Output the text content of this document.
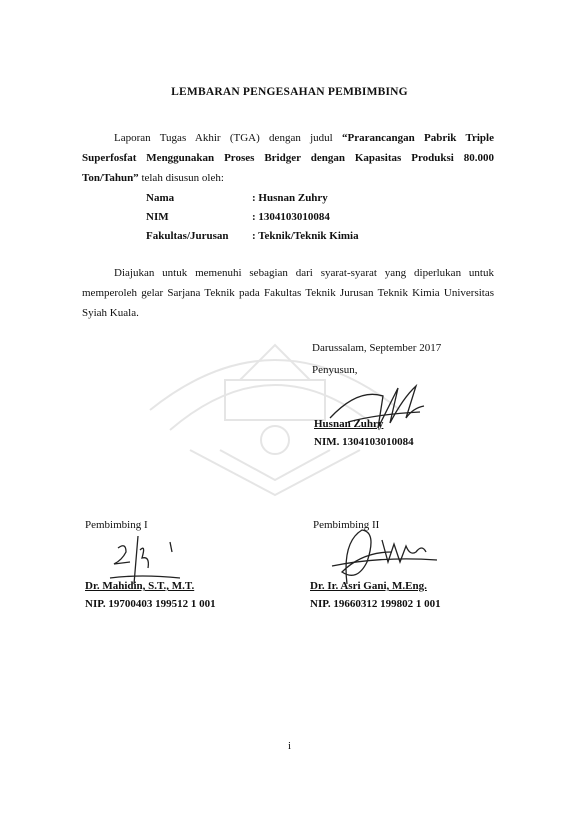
LEMBARAN PENGESAHAN PEMBIMBING
Laporan Tugas Akhir (TGA) dengan judul “Prarancangan Pabrik Triple Superfosfat Menggunakan Proses Bridger dengan Kapasitas Produksi 80.000 Ton/Tahun” telah disusun oleh:
Nama	: Husnan Zuhry
NIM	: 1304103010084
Fakultas/Jurusan : Teknik/Teknik Kimia
Diajukan untuk memenuhi sebagian dari syarat-syarat yang diperlukan untuk memperoleh gelar Sarjana Teknik pada Fakultas Teknik Jurusan Teknik Kimia Universitas Syiah Kuala.
Darussalam, September 2017
Penyusun,
Husnan Zuhry
NIM. 1304103010084
Pembimbing I
Dr. Mahidin, S.T., M.T.
NIP. 19700403 199512 1 001
Pembimbing II
Dr. Ir. Asri Gani, M.Eng.
NIP. 19660312 199802 1 001
i
